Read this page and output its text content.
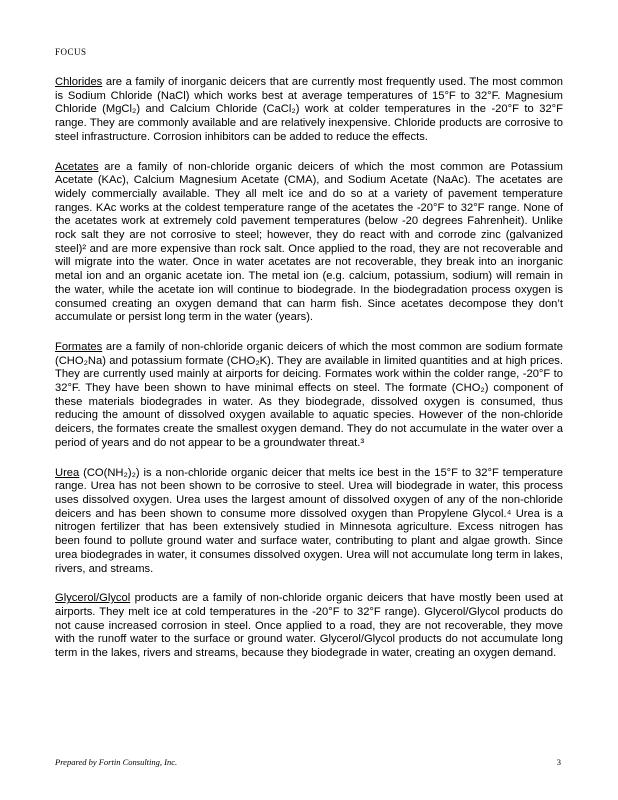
FOCUS

Chlorides are a family of inorganic deicers that are currently most frequently used. The most common is Sodium Chloride (NaCl) which works best at average temperatures of 15°F to 32°F. Magnesium Chloride (MgCl₂) and Calcium Chloride (CaCl₂) work at colder temperatures in the -20°F to 32°F range. They are commonly available and are relatively inexpensive. Chloride products are corrosive to steel infrastructure. Corrosion inhibitors can be added to reduce the effects.

Acetates are a family of non-chloride organic deicers of which the most common are Potassium Acetate (KAc), Calcium Magnesium Acetate (CMA), and Sodium Acetate (NaAc). The acetates are widely commercially available. They all melt ice and do so at a variety of pavement temperature ranges. KAc works at the coldest temperature range of the acetates the -20°F to 32°F range. None of the acetates work at extremely cold pavement temperatures (below -20 degrees Fahrenheit). Unlike rock salt they are not corrosive to steel; however, they do react with and corrode zinc (galvanized steel)² and are more expensive than rock salt. Once applied to the road, they are not recoverable and will migrate into the water. Once in water acetates are not recoverable, they break into an inorganic metal ion and an organic acetate ion. The metal ion (e.g. calcium, potassium, sodium) will remain in the water, while the acetate ion will continue to biodegrade. In the biodegradation process oxygen is consumed creating an oxygen demand that can harm fish. Since acetates decompose they don’t accumulate or persist long term in the water (years).

Formates are a family of non-chloride organic deicers of which the most common are sodium formate (CHO₂Na) and potassium formate (CHO₂K). They are available in limited quantities and at high prices. They are currently used mainly at airports for deicing. Formates work within the colder range, -20°F to 32°F. They have been shown to have minimal effects on steel. The formate (CHO₂) component of these materials biodegrades in water. As they biodegrade, dissolved oxygen is consumed, thus reducing the amount of dissolved oxygen available to aquatic species. However of the non-chloride deicers, the formates create the smallest oxygen demand. They do not accumulate in the water over a period of years and do not appear to be a groundwater threat.³

Urea (CO(NH₂)₂) is a non-chloride organic deicer that melts ice best in the 15°F to 32°F temperature range. Urea has not been shown to be corrosive to steel. Urea will biodegrade in water, this process uses dissolved oxygen. Urea uses the largest amount of dissolved oxygen of any of the non-chloride deicers and has been shown to consume more dissolved oxygen than Propylene Glycol.⁴ Urea is a nitrogen fertilizer that has been extensively studied in Minnesota agriculture. Excess nitrogen has been found to pollute ground water and surface water, contributing to plant and algae growth. Since urea biodegrades in water, it consumes dissolved oxygen. Urea will not accumulate long term in lakes, rivers, and streams.

Glycerol/Glycol products are a family of non-chloride organic deicers that have mostly been used at airports. They melt ice at cold temperatures in the -20°F to 32°F range). Glycerol/Glycol products do not cause increased corrosion in steel. Once applied to a road, they are not recoverable, they move with the runoff water to the surface or ground water. Glycerol/Glycol products do not accumulate long term in the lakes, rivers and streams, because they biodegrade in water, creating an oxygen demand.

Prepared by Fortin Consulting, Inc.	3
